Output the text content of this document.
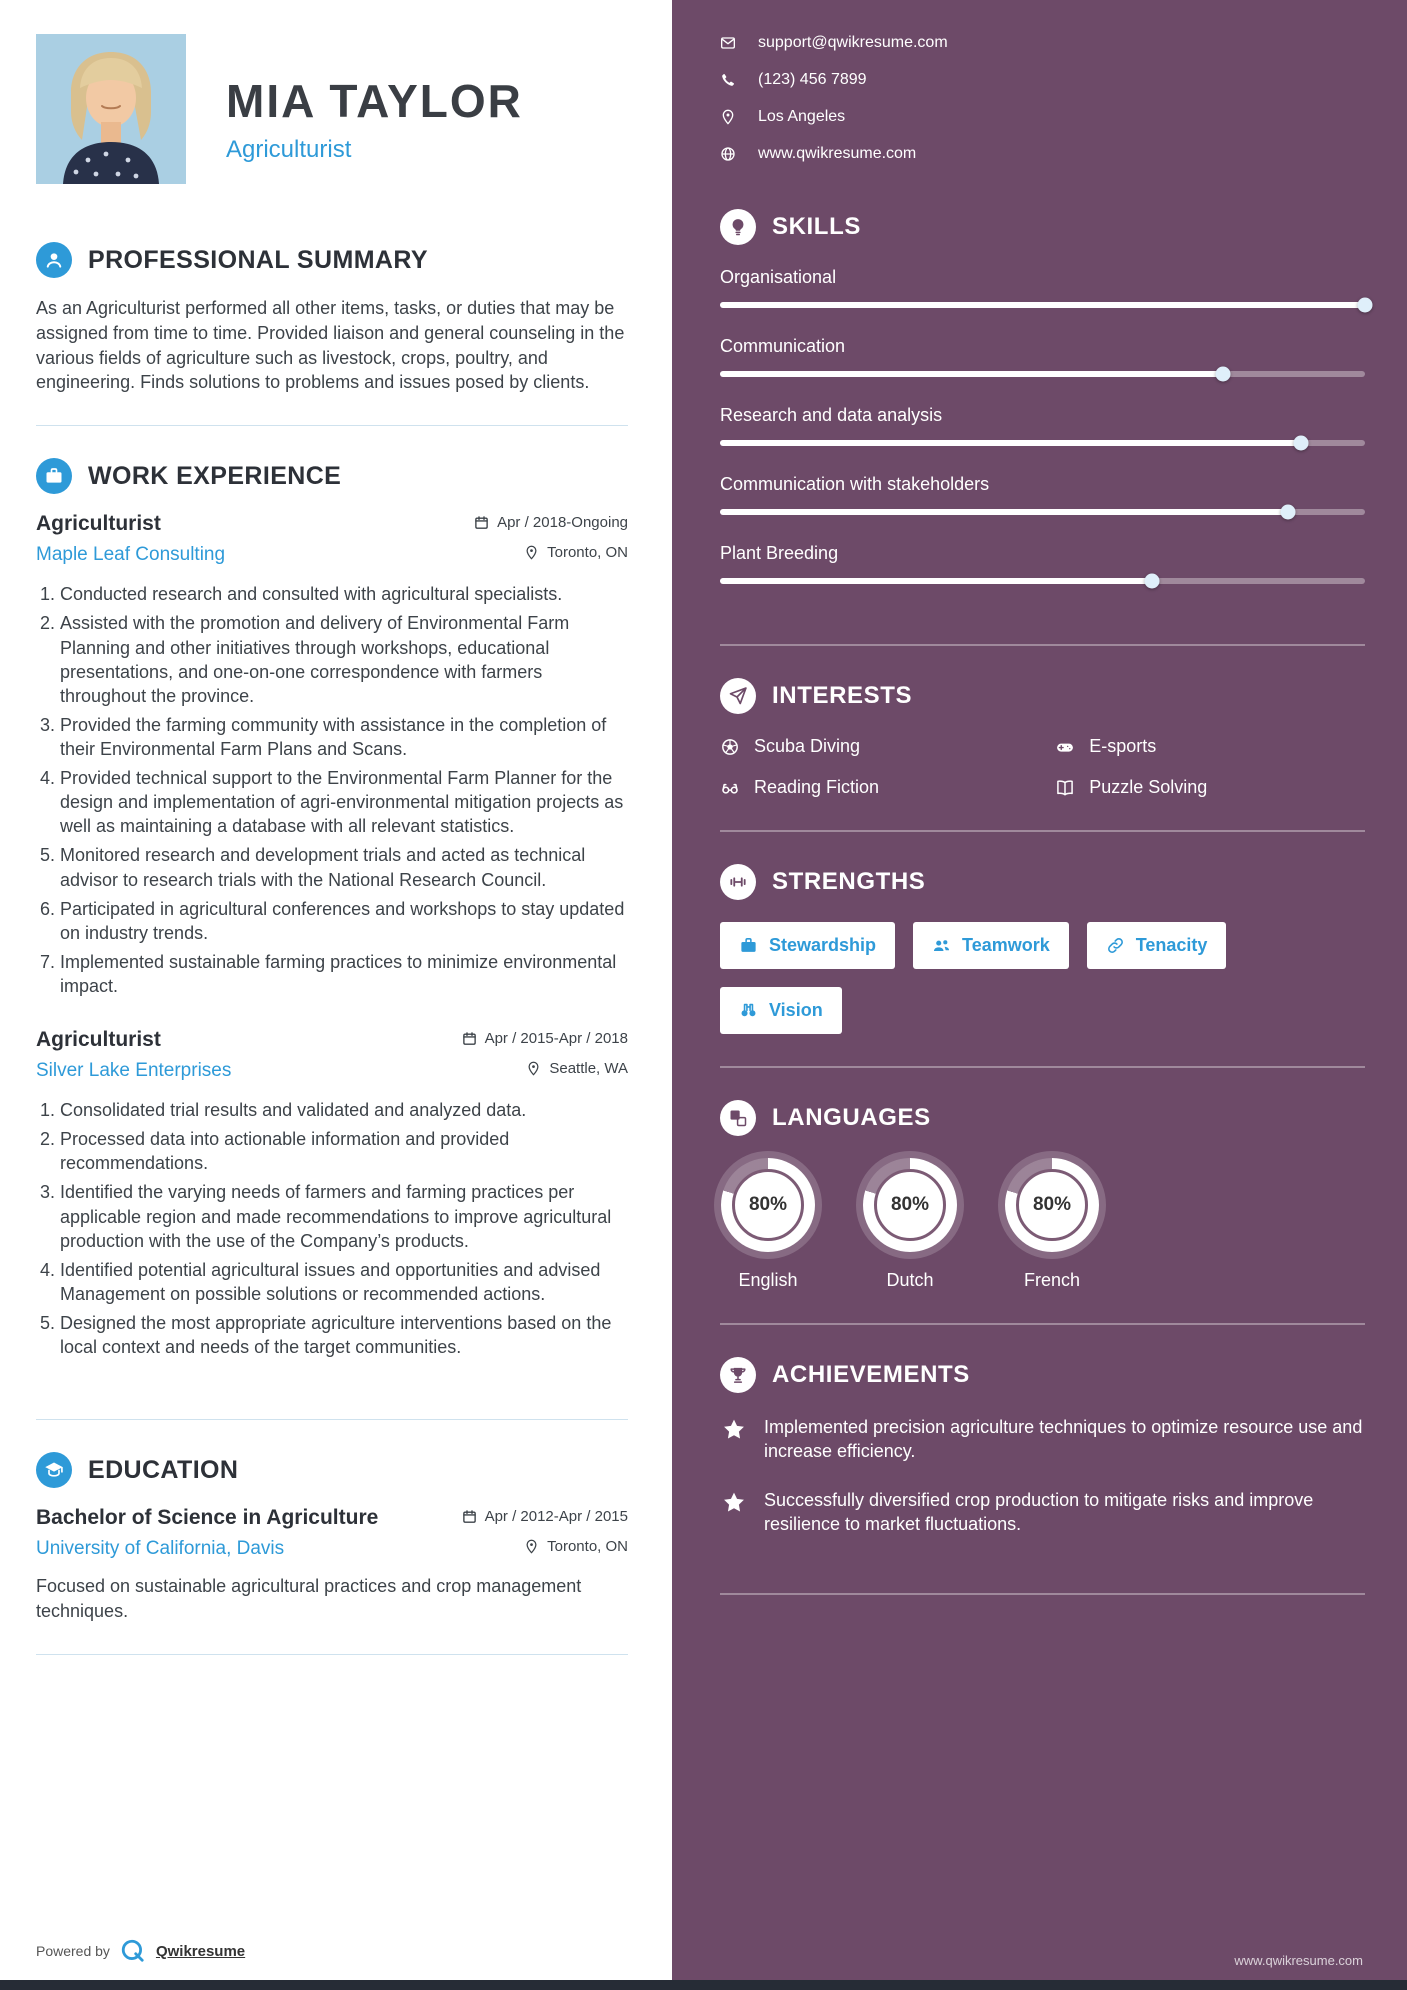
MIA TAYLOR
Agriculturist
PROFESSIONAL SUMMARY

As an Agriculturist performed all other items, tasks, or duties that may be assigned from time to time. Provided liaison and general counseling in the various fields of agriculture such as livestock, crops, poultry, and engineering. Finds solutions to problems and issues posed by clients.

WORK EXPERIENCE
Agriculturist	Apr / 2018-Ongoing
Maple Leaf Consulting	Toronto, ON
1. Conducted research and consulted with agricultural specialists.
2. Assisted with the promotion and delivery of Environmental Farm Planning and other initiatives through workshops, educational presentations, and one-on-one correspondence with farmers throughout the province.
3. Provided the farming community with assistance in the completion of their Environmental Farm Plans and Scans.
4. Provided technical support to the Environmental Farm Planner for the design and implementation of agri-environmental mitigation projects as well as maintaining a database with all relevant statistics.
5. Monitored research and development trials and acted as technical advisor to research trials with the National Research Council.
6. Participated in agricultural conferences and workshops to stay updated on industry trends.
7. Implemented sustainable farming practices to minimize environmental impact.
Agriculturist	Apr / 2015-Apr / 2018
Silver Lake Enterprises	Seattle, WA
1. Consolidated trial results and validated and analyzed data.
2. Processed data into actionable information and provided recommendations.
3. Identified the varying needs of farmers and farming practices per applicable region and made recommendations to improve agricultural production with the use of the Company’s products.
4. Identified potential agricultural issues and opportunities and advised Management on possible solutions or recommended actions.
5. Designed the most appropriate agriculture interventions based on the local context and needs of the target communities.
EDUCATION
Bachelor of Science in Agriculture	Apr / 2012-Apr / 2015
University of California, Davis	Toronto, ON

Focused on sustainable agricultural practices and crop management techniques.

Powered by	Qwikresume
support@qwikresume.com
(123) 456 7899
Los Angeles
www.qwikresume.com
SKILLS
Organisational
Communication
Research and data analysis
Communication with stakeholders
Plant Breeding
INTERESTS
Scuba Diving	E-sports
Reading Fiction	Puzzle Solving
STRENGTHS
Stewardship	Teamwork	Tenacity
Vision
A LANGUAGES
80%
English
80%
Dutch
80%
French
ACHIEVEMENTS
Implemented precision agriculture techniques to optimize resource use and increase efficiency.
Successfully diversified crop production to mitigate risks and improve resilience to market fluctuations.
www.qwikresume.com
